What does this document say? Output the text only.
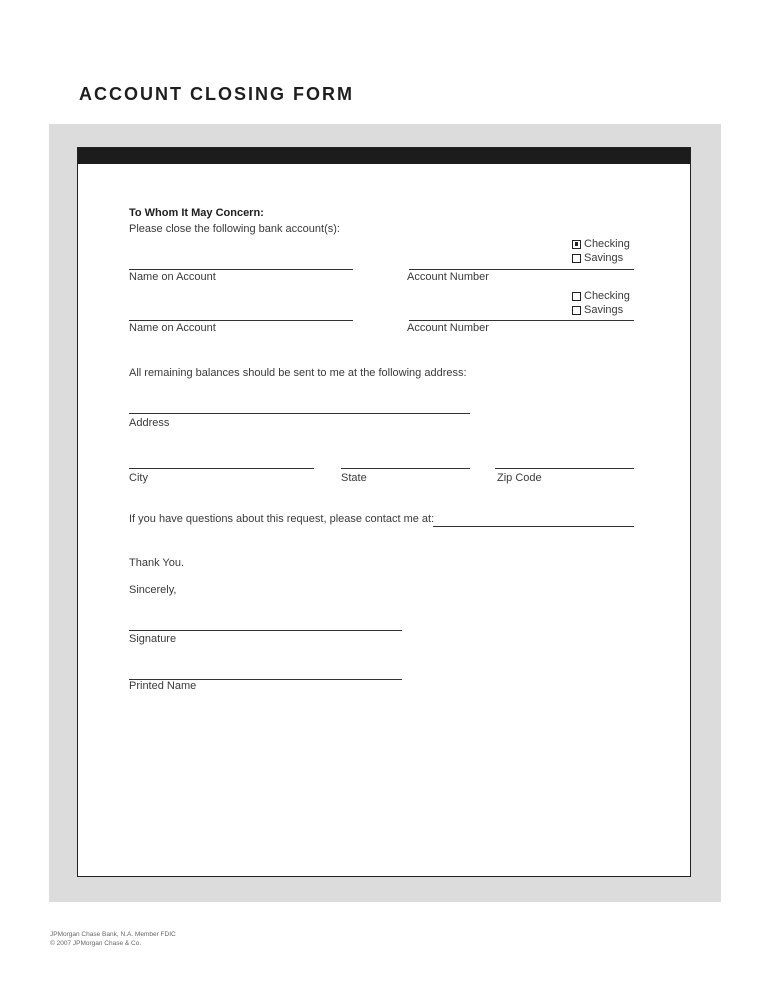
ACCOUNT CLOSING FORM
To Whom It May Concern:
Please close the following bank account(s):
Checking
Savings
Name on Account	Account Number
Checking
Savings
Name on Account	Account Number
All remaining balances should be sent to me at the following address:
Address
City	State	Zip Code
If you have questions about this request, please contact me at:
Thank You.
Sincerely,
Signature
Printed Name
JPMorgan Chase Bank, N.A. Member FDIC
© 2007 JPMorgan Chase & Co.
